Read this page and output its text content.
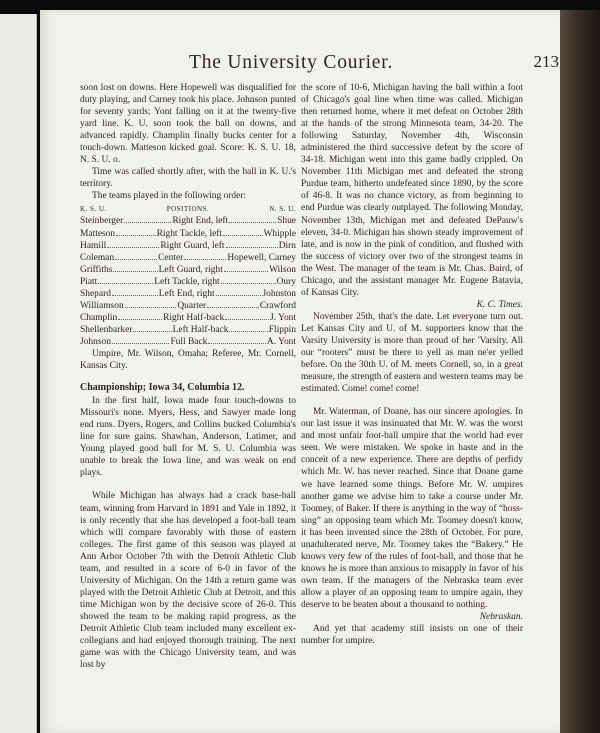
The University Courier.	213

soon lost on downs. Here Hopewell was disqualified for duty playing, and Carney took his place. Johnson punted for seventy yards; Yont falling on it at the twenty-five yard line. K. U. soon took the ball on downs, and advanced rapidly. Champlin finally bucks center for a touch-down. Matteson kicked goal. Score: K. S. U. 18, N. S. U. o.

Time was called shortly after, with the ball in K. U.'s territory.

The teams played in the following order:

K. S. U.	POSITIONS.	N. S. U.
Steinberger	Right End, left	Shue
Matteson	Right Tackle, left	Whipple
Hamill	Right Guard, left	Dirn
Coleman	Center	Hopewell, Carney
Griffiths	Left Guard, right	Wilson
Piatt	Left Tackle, right	Oury
Shepard	Left End, right	Johnston
Williamson	Quarter	Crawford
Champlin	Right Half-back	J. Yont
Shellenbarker	Left Half-back	Flippin
Johnson	Full Back	A. Yont

Umpire, Mr. Wilson, Omaha; Referee, Mr. Cornell, Kansas City.

Championship; Iowa 34, Columbia 12.

In the first half, Iowa made four touch-downs to Missouri's none. Myers, Hess, and Sawyer made long end runs. Dyers, Rogers, and Collins bucked Columbia's line for sure gains. Shawhan, Anderson, Latimer, and Young played good ball for M. S. U. Columbia was unable to break the Iowa line, and was weak on end plays.

While Michigan has always had a crack base-ball team, winning from Harvard in 1891 and Yale in 1892, it is only recently that she has developed a foot-ball team which will compare favorably with those of eastern colleges. The first game of this season was played at Ann Arbor October 7th with the Detroit Athletic Club team, and resulted in a score of 6-0 in favor of the University of Michigan. On the 14th a return game was played with the Detroit Athletic Club at Detroit, and this time Michigan won by the decisive score of 26-0. This showed the team to be making rapid progress, as the Detroit Athletic Club team included many excellent ex-collegians and had enjoyed thorough training. The next game was with the Chicago University team, and was lost by

the score of 10-6, Michigan having the ball within a foot of Chicago's goal line when time was called. Michigan then returned home, where it met defeat on October 28th at the hands of the strong Minnesota team, 34-20. The following Saturday, November 4th, Wisconsin administered the third successive defeat by the score of 34-18. Michigan went into this game badly crippled. On November 11th Michigan met and defeated the strong Purdue team, hitherto undefeated since 1890, by the score of 46-8. It was no chance victory, as from beginning to end Purdue was clearly outplayed. The following Monday, November 13th, Michigan met and defeated DePauw's eleven, 34-0. Michigan has shown steady improvement of late, and is now in the pink of condition, and flushed with the success of victory over two of the strongest teams in the West. The manager of the team is Mr. Chas. Baird, of Chicago, and the assistant manager Mr. Eugene Batavia, of Kansas City.

K. C. Times.

November 25th, that's the date. Let everyone turn out. Let Kansas City and U. of M. supporters know that the Varsity University is more than proud of her 'Varsity. All our “rooters” must be there to yell as man ne'er yelled before. On the 30th U. of M. meets Cornell, so, in a great measure, the strength of eastern and western teams may be estimated. Come! come! come!

Mr. Waterman, of Doane, has our sincere apologies. In our last issue it was insinuated that Mr. W. was the worst and most unfair foot-ball umpire that the world had ever seen. We were mistaken. We spoke in haste and in the conceit of a new experience. There are depths of perfidy which Mr. W. has never reached. Since that Doane game we have learned some things. Before Mr. W. umpires another game we advise him to take a course under Mr. Toomey, of Baker. If there is anything in the way of “hosssing” an opposing team which Mr. Toomey doesn't know, it has been invented since the 28th of October. For pure, unadulterated nerve, Mr. Toomey takes the “Bakery.” He knows very few of the rules of foot-ball, and those that he knows he is more than anxious to misapply in favor of his own team. If the managers of the Nebraska team ever allow a player of an opposing team to umpire again, they deserve to be beaten about a thousand to nothing.

Nebraskan.

And yet that academy still insists on one of their number for umpire.
